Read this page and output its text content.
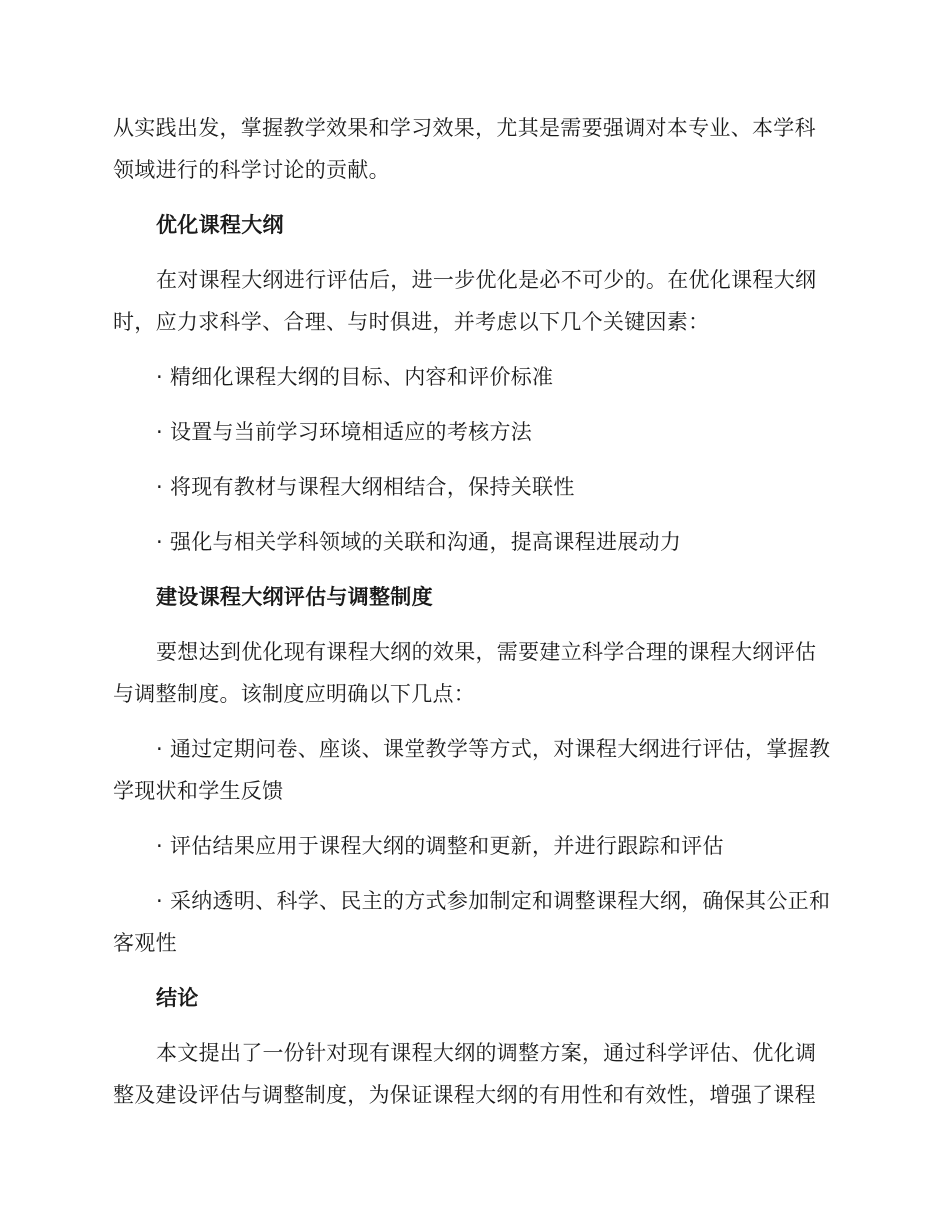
从实践出发，掌握教学效果和学习效果，尤其是需要强调对本专业、本学科领域进行的科学讨论的贡献。

优化课程大纲

在对课程大纲进行评估后，进一步优化是必不可少的。在优化课程大纲时，应力求科学、合理、与时俱进，并考虑以下几个关键因素：

· 精细化课程大纲的目标、内容和评价标准

· 设置与当前学习环境相适应的考核方法

· 将现有教材与课程大纲相结合，保持关联性

· 强化与相关学科领域的关联和沟通，提高课程进展动力

建设课程大纲评估与调整制度

要想达到优化现有课程大纲的效果，需要建立科学合理的课程大纲评估与调整制度。该制度应明确以下几点：

· 通过定期问卷、座谈、课堂教学等方式，对课程大纲进行评估，掌握教学现状和学生反馈

· 评估结果应用于课程大纲的调整和更新，并进行跟踪和评估

· 采纳透明、科学、民主的方式参加制定和调整课程大纲，确保其公正和客观性

结论

本文提出了一份针对现有课程大纲的调整方案，通过科学评估、优化调整及建设评估与调整制度，为保证课程大纲的有用性和有效性，增强了课程
